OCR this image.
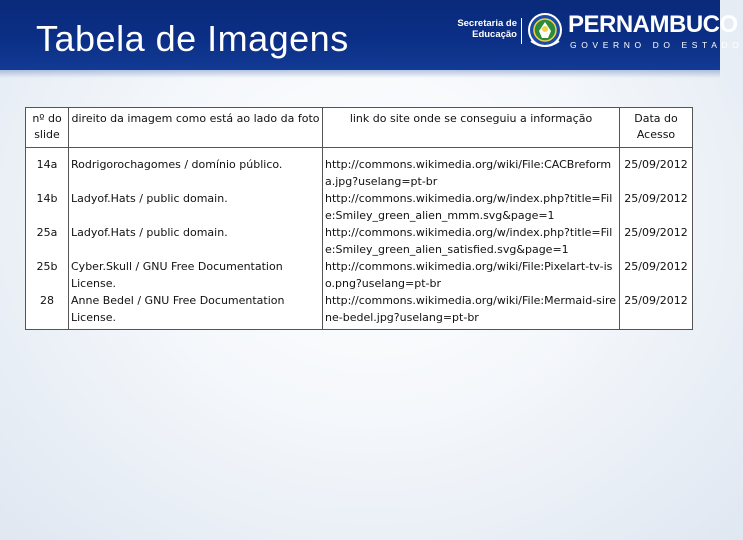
Tabela de Imagens	Secretaria de
Educação PERNAMBUCO
GOVERNO DO ESTADO
nº do slide	direito da imagem como está ao lado da foto	link do site onde se conseguiu a informação	Data do Acesso
14a	Rodrigorochagomes / domínio público.	http://commons.wikimedia.org/wiki/File:CACBreforma.jpg?uselang=pt-br	25/09/2012
14b	Ladyof.Hats / public domain.	http://commons.wikimedia.org/w/index.php?title=File:Smiley_green_alien_mmm.svg&page=1	25/09/2012
25a	Ladyof.Hats / public domain.	http://commons.wikimedia.org/w/index.php?title=File:Smiley_green_alien_satisfied.svg&page=1	25/09/2012
25b	Cyber.Skull / GNU Free Documentation License.	http://commons.wikimedia.org/wiki/File:Pixelart-tv-iso.png?uselang=pt-br	25/09/2012
28	Anne Bedel / GNU Free Documentation License.	http://commons.wikimedia.org/wiki/File:Mermaid-sirene-bedel.jpg?uselang=pt-br	25/09/2012
